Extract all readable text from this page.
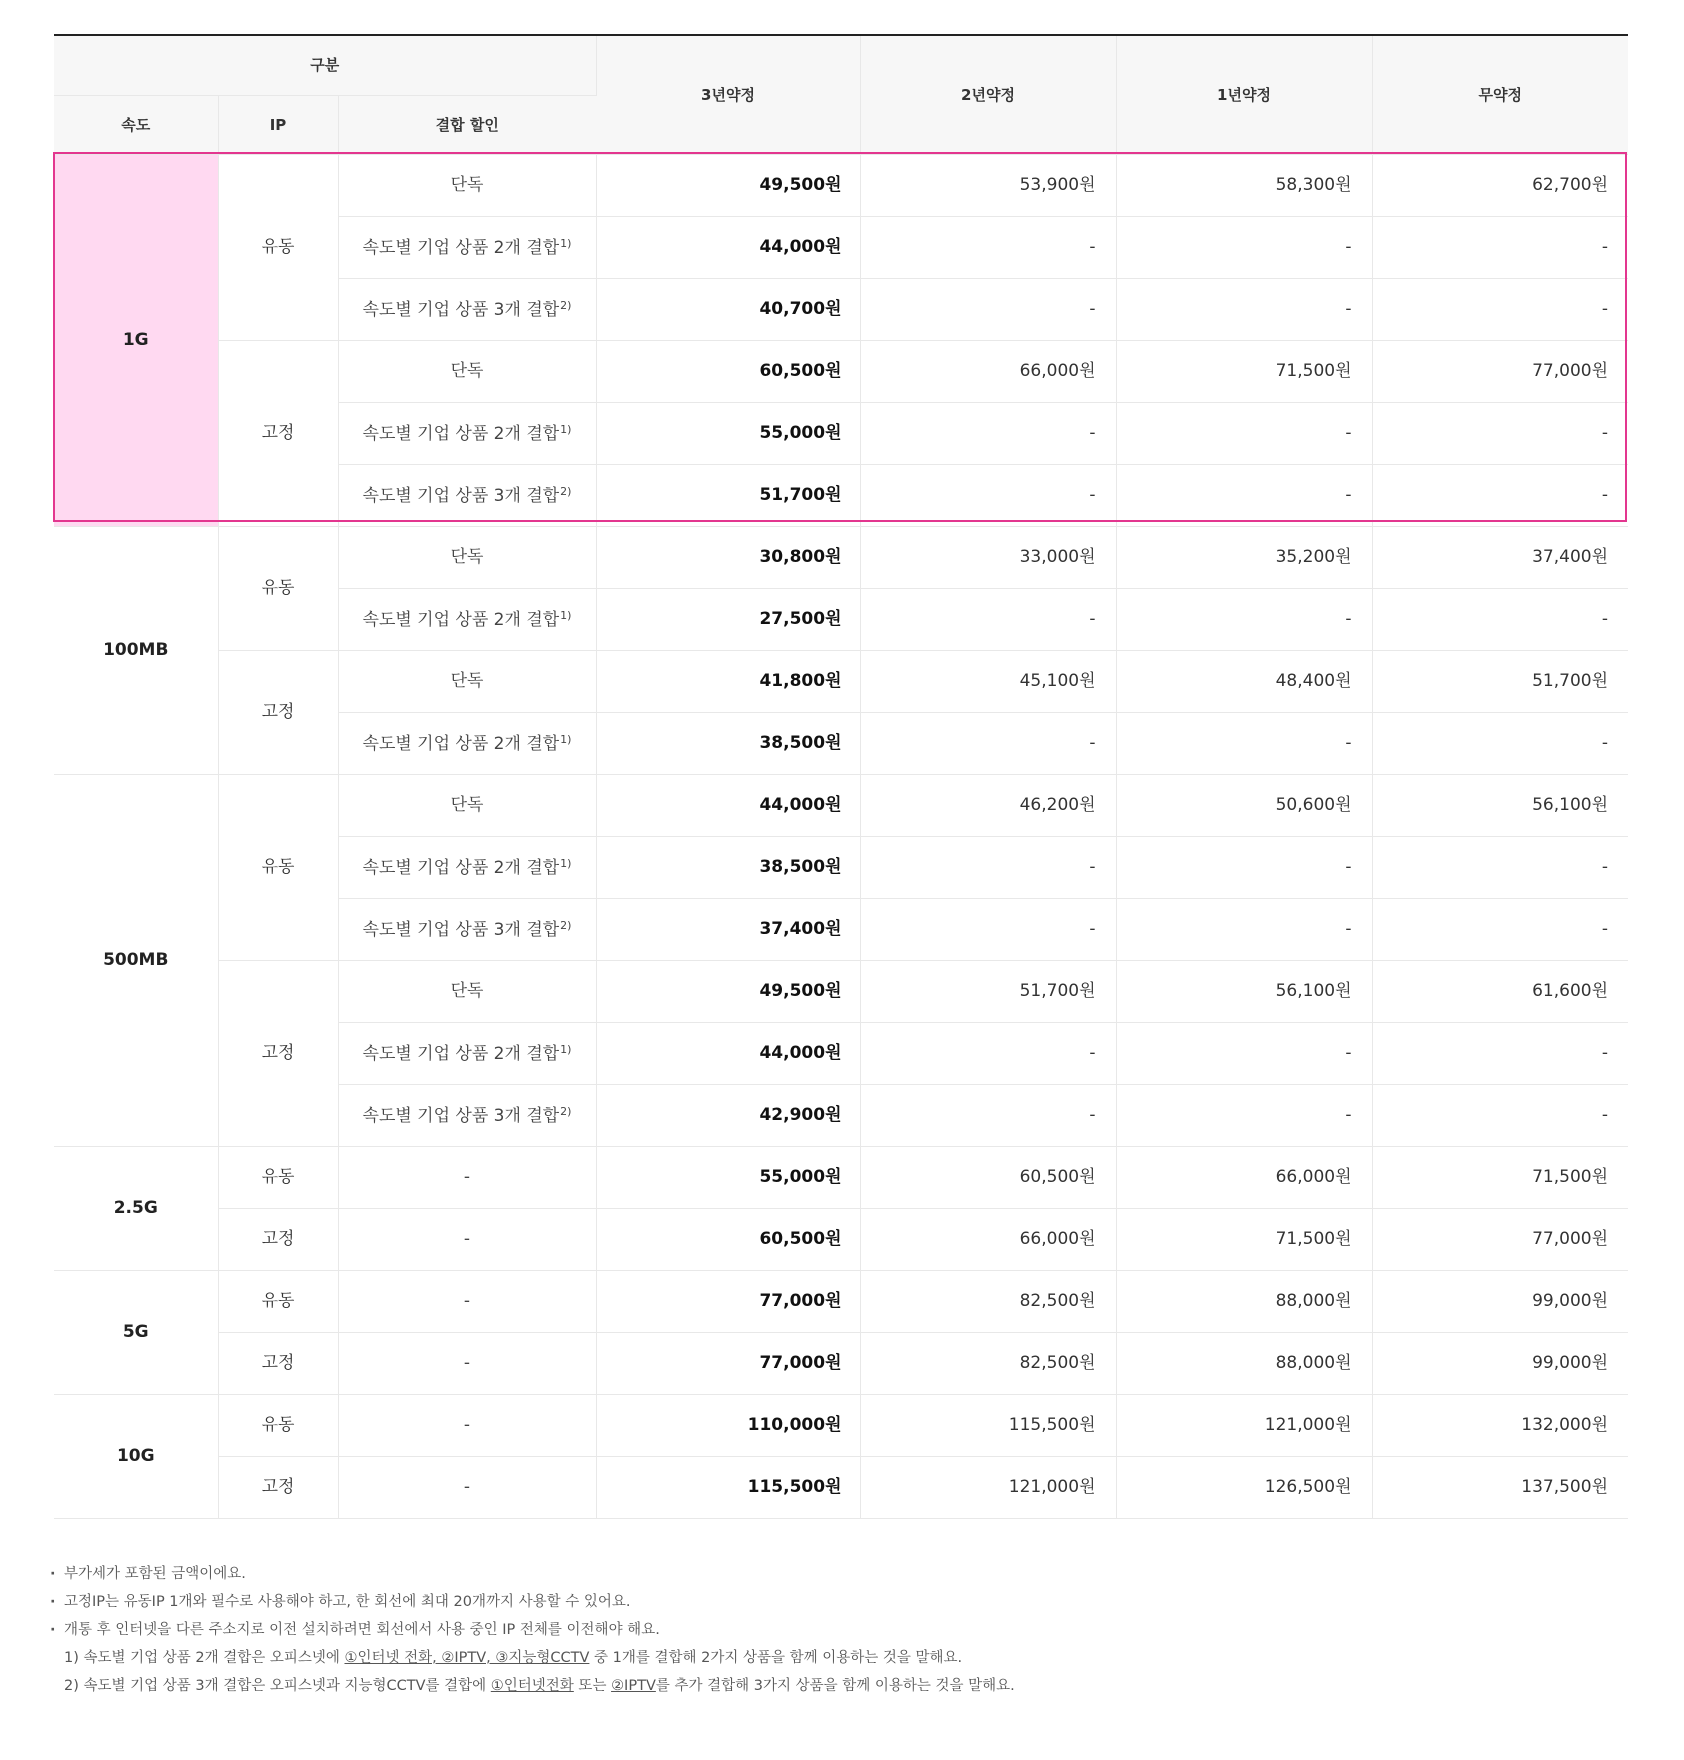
구분			3년약정	2년약정	1년약정	무약정
속도	IP	결합 할인				
1G	유동	단독	49,500원	53,900원	58,300원	62,700원
		속도별 기업 상품 2개 결합$^{1)}$	44,000원	-	-	-
		속도별 기업 상품 3개 결합$^{2)}$	40,700원	-	-	-
	고정	단독	60,500원	66,000원	71,500원	77,000원
		속도별 기업 상품 2개 결합$^{1)}$	55,000원	-	-	-
		속도별 기업 상품 3개 결합$^{2)}$	51,700원	-	-	-
100MB	유동	단독	30,800원	33,000원	35,200원	37,400원
		속도별 기업 상품 2개 결합$^{1)}$	27,500원	-	-	-
	고정	단독	41,800원	45,100원	48,400원	51,700원
		속도별 기업 상품 2개 결합$^{1)}$	38,500원	-	-	-
500MB	유동	단독	44,000원	46,200원	50,600원	56,100원
		속도별 기업 상품 2개 결합$^{1)}$	38,500원	-	-	-
		속도별 기업 상품 3개 결합$^{2)}$	37,400원	-	-	-
	고정	단독	49,500원	51,700원	56,100원	61,600원
		속도별 기업 상품 2개 결합$^{1)}$	44,000원	-	-	-
		속도별 기업 상품 3개 결합$^{2)}$	42,900원	-	-	-
2.5G	유동	-	55,000원	60,500원	66,000원	71,500원
	고정	-	60,500원	66,000원	71,500원	77,000원
5G	유동	-	77,000원	82,500원	88,000원	99,000원
	고정	-	77,000원	82,500원	88,000원	99,000원
10G	유동	-	110,000원	115,500원	121,000원	132,000원
	고정	-	115,500원	121,000원	126,500원	137,500원
· 부가세가 포함된 금액이에요.
· 고정IP는 유동IP 1개와 필수로 사용해야 하고, 한 회선에 최대 20개까지 사용할 수 있어요.
· 개통 후 인터넷을 다른 주소지로 이전 설치하려면 회선에서 사용 중인 IP 전체를 이전해야 해요.
1) 속도별 기업 상품 2개 결합은 오피스넷에 ①인터넷 전화, ②IPTV, ③지능형CCTV 중 1개를 결합해 2가지 상품을 함께 이용하는 것을 말해요.
2) 속도별 기업 상품 3개 결합은 오피스넷과 지능형CCTV를 결합에 ①인터넷전화 또는 ②IPTV를 추가 결합해 3가지 상품을 함께 이용하는 것을 말해요.
